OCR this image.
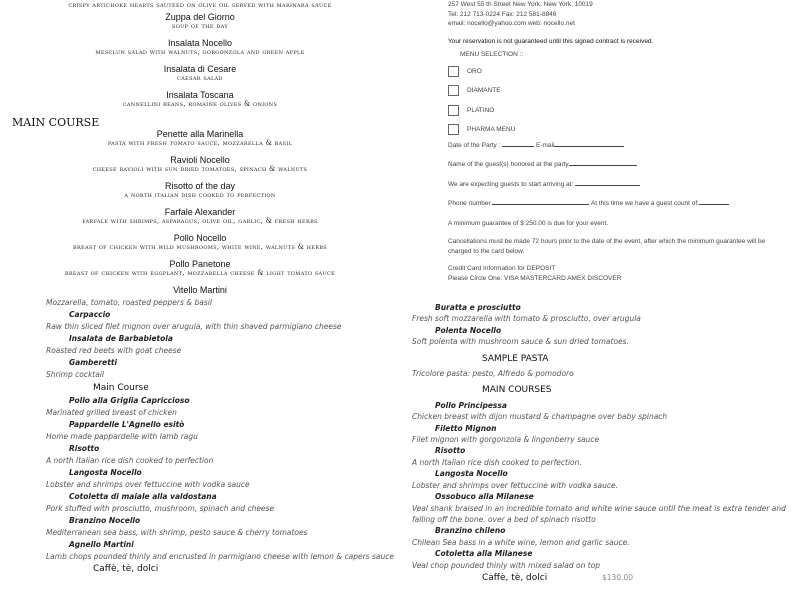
crispy artichoke hearts sautéed on olive oil served with marinara sauce
Zuppa del Giorno
soup of the day
Insalata Nocello
mesclun salad with walnuts, gorgonzola and green apple
Insalata di Cesare
caesar salad
Insalata Toscana
cannellini beans, romaine olives & onions
MAIN COURSE
Penette alla Marinella
pasta with fresh tomato sauce, mozzarella & basil
Ravioli Nocello
cheese ravioli with sun dried tomatoes, spinach & walnuts
Risotto of the day
a north italian dish cooked to perfection
Farfale Alexander
farfale with shrimps, asparagus, olive oil, garlic, & fresh herbs
Pollo Nocello
breast of chicken with wild mushrooms, white wine, walnuts & herbs
Pollo Panetone
breast of chicken with eggplant, mozzarella cheese & light tomato sauce
Vitello Martini
257 West 55 th Street New York, New York, 10019
Tel: 212 713-0224 Fax: 212 581-8846
email: nocello@yahoo.com web: nocello.net
Your reservation is not guaranteed until this signed contract is received.
MENU SELECTION ::
ORO
DIAMANTE
PLATINO
PHARMA MENU
Date of the Party :	E-mail
Name of the guest(s) honored at the party
We are expecting guests to start arriving at:
Phone number	At this time we have a guest count of:
A minimum guarantee of $ 250.00 is due for your event.
Cancellations must be made 72 hours prior to the date of the event, after which the minimum guarantee will be charged to the card below.
Credit Card Information for DEPOSIT
Please Circle One: VISA MASTERCARD AMEX DISCOVER
Mozzarella, tomato, roasted peppers & basil
Carpaccio
Raw thin sliced filet mignon over arugula, with thin shaved parmigiano cheese
Insalata de Barbabietola
Roasted red beets with goat cheese
Gamberetti
Shrimp cocktail
Main Course
Pollo alla Griglia Capriccioso
Marinated grilled breast of chicken
Pappardelle L'Agnello esitò
Home made pappardelle with lamb ragu
Risotto
A north Italian rice dish cooked to perfection
Langosta Nocello
Lobster and shrimps over fettuccine with vodka sauce
Cotoletta di maiale alla valdostana
Pork stuffed with prosciutto, mushroom, spinach and cheese
Branzino Nocello
Mediterranean sea bass, with shrimp, pesto sauce & cherry tomatoes
Agnello Martini
Lamb chops pounded thinly and encrusted in parmigiano cheese with lemon & capers sauce
Caffè, tè, dolci
Buratta e prosciutto
Fresh soft mozzarella with tomato & prosciutto, over arugula
Polenta Nocello
Soft polenta with mushroom sauce & sun dried tomatoes.
SAMPLE PASTA
Tricolore pasta: pesto, Alfredo & pomodoro
MAIN COURSES
Pollo Principessa
Chicken breast with dijon mustard & champagne over baby spinach
Filetto Mignon
Filet mignon with gorgonzola & lingonberry sauce
Risotto
A north Italian rice dish cooked to perfection.
Langosta Nocello
Lobster and shrimps over fettuccine with vodka sauce.
Ossobuco alla Milanese
Veal shank braised in an incredible tomato and white wine sauce until the meat is extra tender and falling off the bone. over a bed of spinach risotto
Branzino chileno
Chilean Sea bass in a white wine, lemon and garlic sauce.
Cotoletta alla Milanese
Veal chop pounded thinly with mixed salad on top
Caffè, tè, dolci	$130.00
